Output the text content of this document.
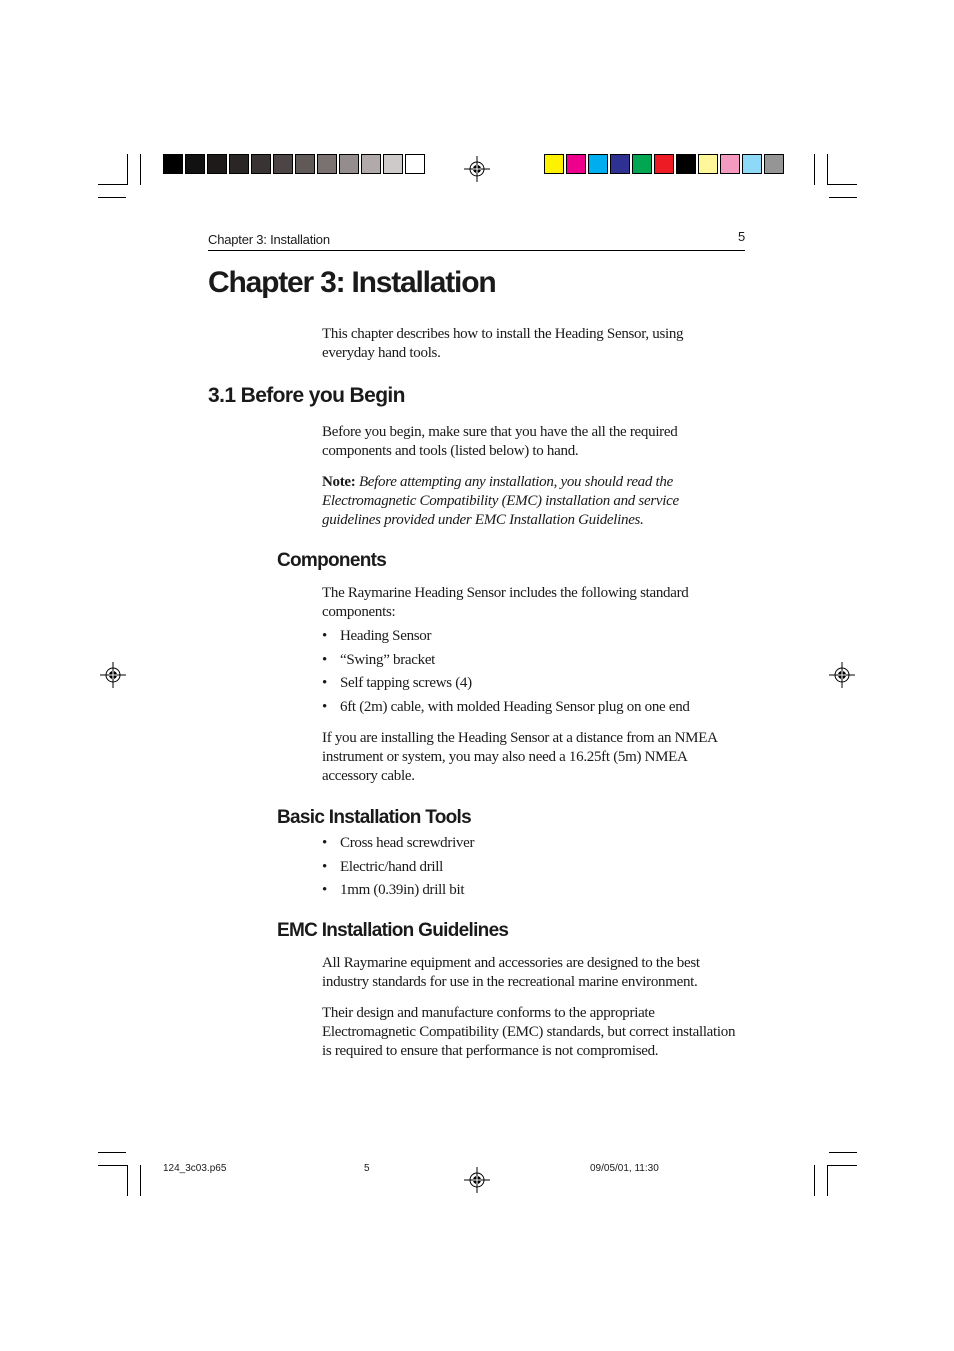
Chapter 3: Installation	5
Chapter 3: Installation

This chapter describes how to install the Heading Sensor, using everyday hand tools.

3.1 Before you Begin

Before you begin, make sure that you have the all the required components and tools (listed below) to hand.

Note: Before attempting any installation, you should read the Electromagnetic Compatibility (EMC) installation and service guidelines provided under EMC Installation Guidelines.

Components

The Raymarine Heading Sensor includes the following standard components:

• Heading Sensor
• “Swing” bracket
• Self tapping screws (4)
• 6ft (2m) cable, with molded Heading Sensor plug on one end

If you are installing the Heading Sensor at a distance from an NMEA instrument or system, you may also need a 16.25ft (5m) NMEA accessory cable.

Basic Installation Tools
• Cross head screwdriver
• Electric/hand drill
• 1mm (0.39in) drill bit
EMC Installation Guidelines

All Raymarine equipment and accessories are designed to the best industry standards for use in the recreational marine environment.

Their design and manufacture conforms to the appropriate Electromagnetic Compatibility (EMC) standards, but correct installation is required to ensure that performance is not compromised.

124_3c03.p65	5	09/05/01, 11:30
